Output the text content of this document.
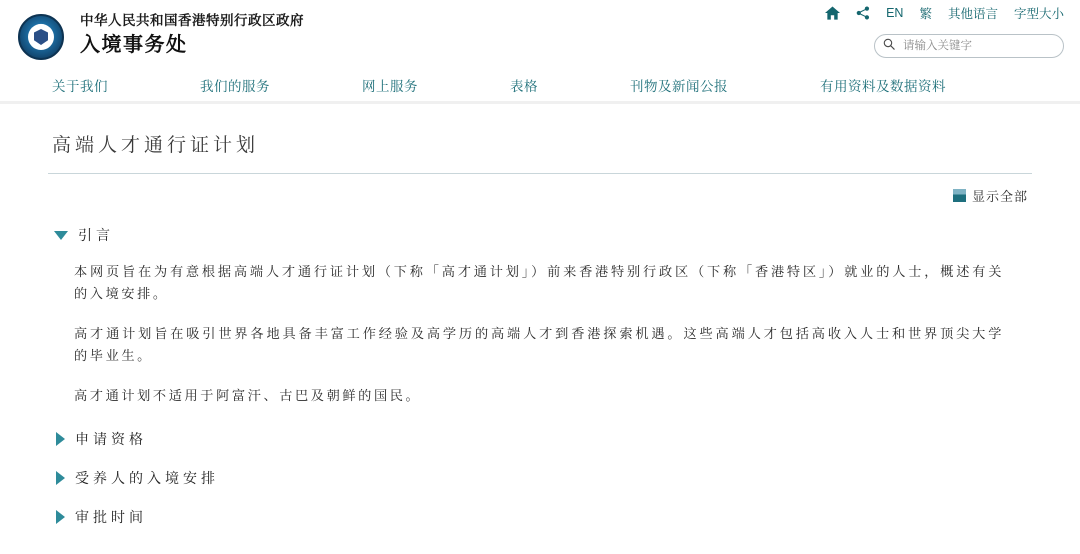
中华人民共和国香港特别行政区政府
入境事务处
EN 繁 其他语言 字型大小
请输入关键字
关于我们	我们的服务	网上服务	表格	刊物及新闻公报	有用资料及数据资料
高端人才通行证计划
显示全部
引言

本网页旨在为有意根据高端人才通行证计划（下称「高才通计划」）前来香港特别行政区（下称「香港特区」）就业的人士，概述有关的入境安排。

高才通计划旨在吸引世界各地具备丰富工作经验及高学历的高端人才到香港探索机遇。这些高端人才包括高收入人士和世界顶尖大学的毕业生。

高才通计划不适用于阿富汗、古巴及朝鲜的国民。

申请资格
受养人的入境安排
审批时间
